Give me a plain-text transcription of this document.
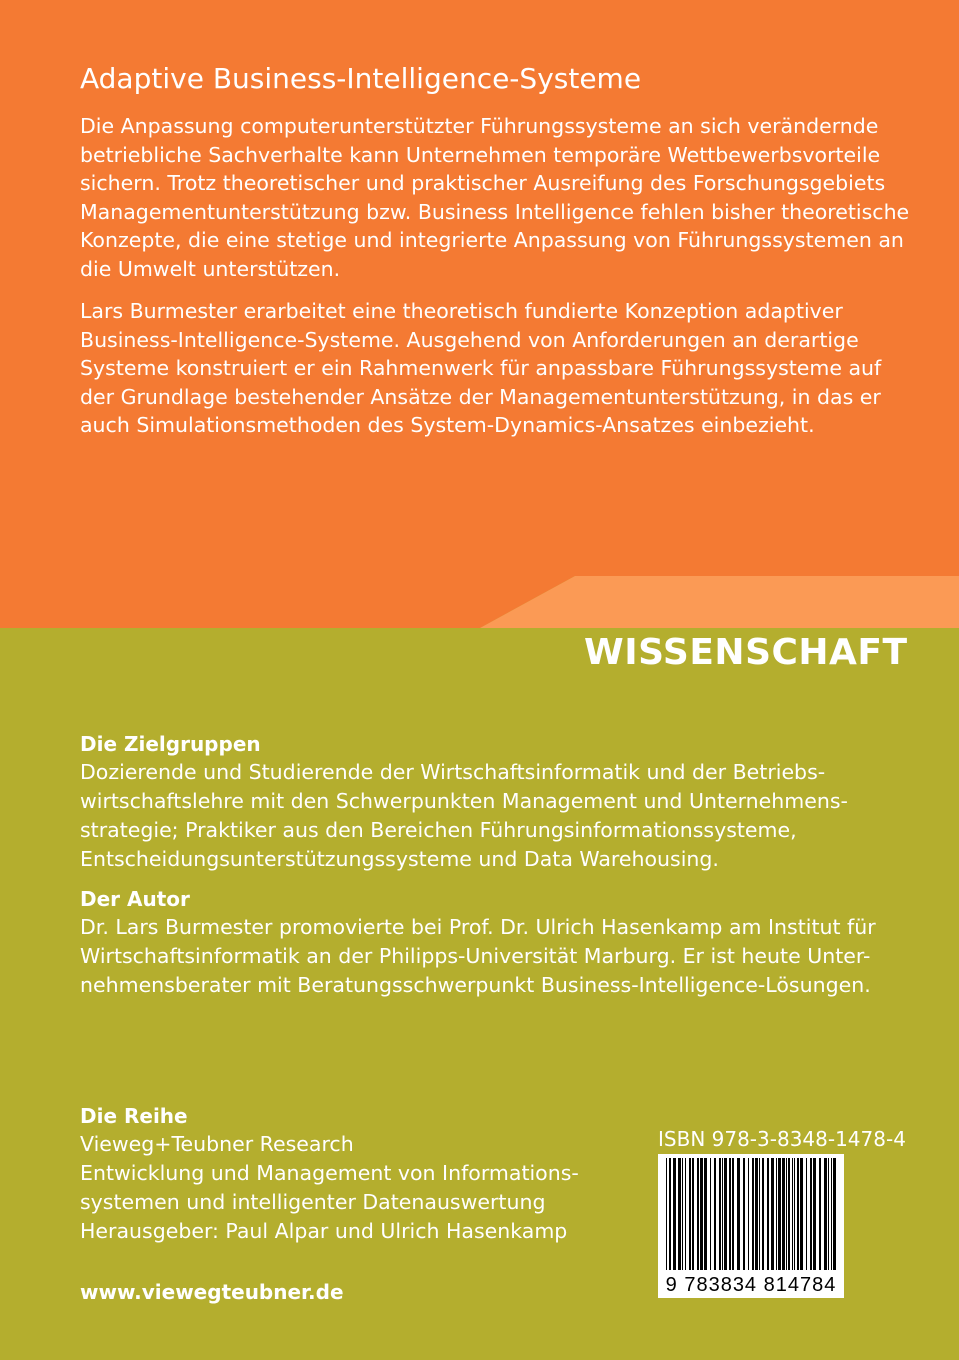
Adaptive Business-Intelligence-Systeme
Die Anpassung computerunterstützter Führungssysteme an sich verändernde
betriebliche Sachverhalte kann Unternehmen temporäre Wettbewerbsvorteile
sichern. Trotz theoretischer und praktischer Ausreifung des Forschungsgebiets
Managementunterstützung bzw. Business Intelligence fehlen bisher theoretische
Konzepte, die eine stetige und integrierte Anpassung von Führungssystemen an
die Umwelt unterstützen.
Lars Burmester erarbeitet eine theoretisch fundierte Konzeption adaptiver
Business-Intelligence-Systeme. Ausgehend von Anforderungen an derartige
Systeme konstruiert er ein Rahmenwerk für anpassbare Führungssysteme auf
der Grundlage bestehender Ansätze der Managementunterstützung, in das er
auch Simulationsmethoden des System-Dynamics-Ansatzes einbezieht.
WISSENSCHAFT
Die Zielgruppen
Dozierende und Studierende der Wirtschaftsinformatik und der Betriebs-
wirtschaftslehre mit den Schwerpunkten Management und Unternehmens-
strategie; Praktiker aus den Bereichen Führungsinformationssysteme,
Entscheidungsunterstützungssysteme und Data Warehousing.
Der Autor
Dr. Lars Burmester promovierte bei Prof. Dr. Ulrich Hasenkamp am Institut für
Wirtschaftsinformatik an der Philipps-Universität Marburg. Er ist heute Unter-
nehmensberater mit Beratungsschwerpunkt Business-Intelligence-Lösungen.
Die Reihe
Vieweg+Teubner Research
Entwicklung und Management von Informations-
systemen und intelligenter Datenauswertung
Herausgeber: Paul Alpar und Ulrich Hasenkamp
www.viewegteubner.de
ISBN 978-3-8348-1478-4
9 783834 814784
